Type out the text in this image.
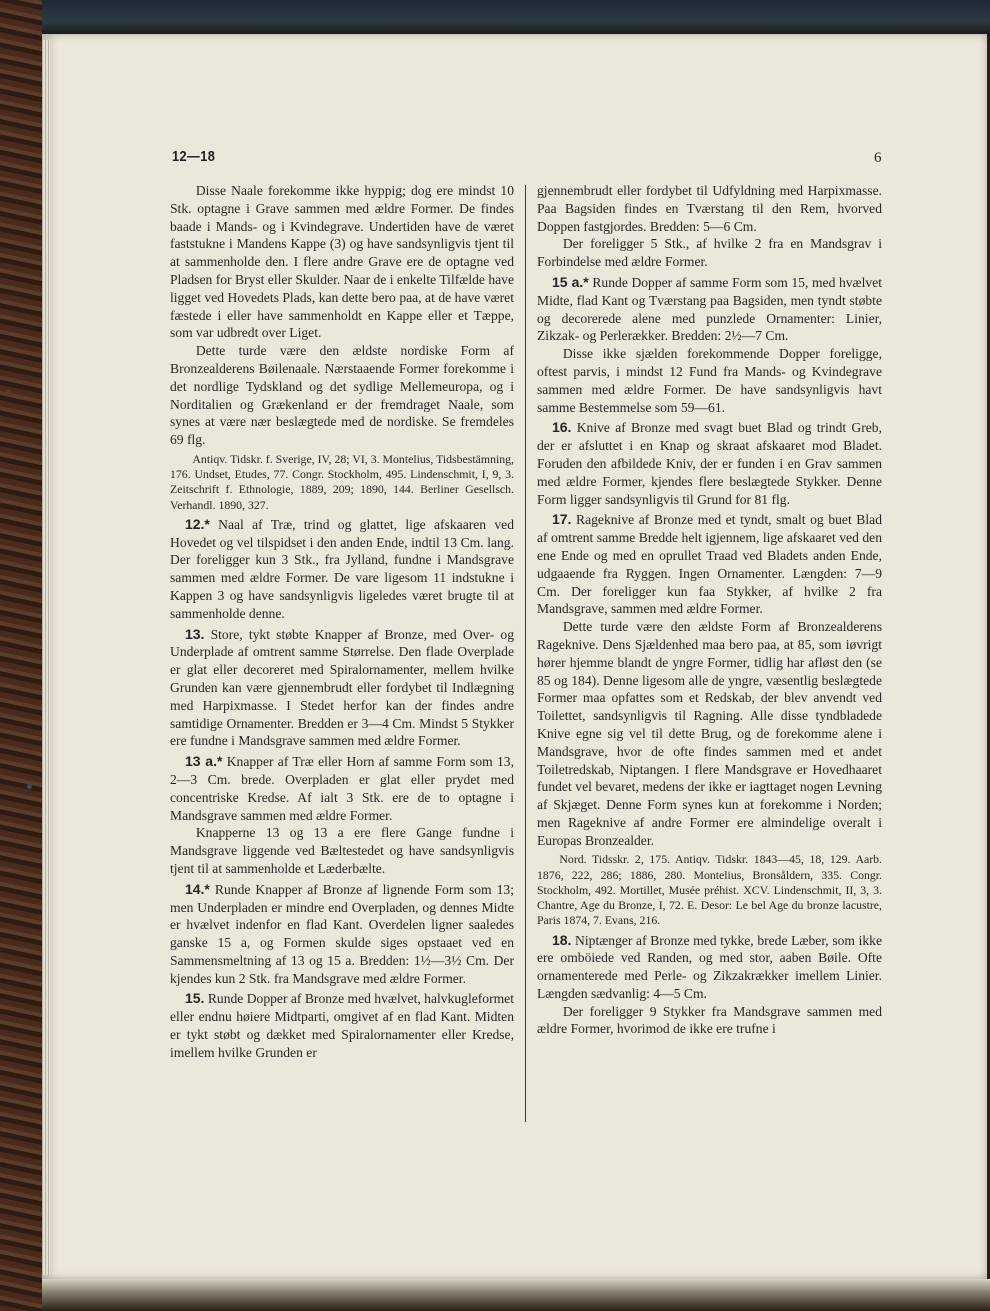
12—18	6

Disse Naale forekomme ikke hyppig; dog ere mindst 10 Stk. optagne i Grave sammen med ældre Former. De findes baade i Mands- og i Kvindegrave. Undertiden have de været faststukne i Mandens Kappe (3) og have sandsynligvis tjent til at sammenholde den. I flere andre Grave ere de optagne ved Pladsen for Bryst eller Skulder. Naar de i enkelte Tilfælde have ligget ved Hovedets Plads, kan dette bero paa, at de have været fæstede i eller have sammenholdt en Kappe eller et Tæppe, som var udbredt over Liget.

Dette turde være den ældste nordiske Form af Bronzealderens Bøilenaale. Nærstaaende Former forekomme i det nordlige Tydskland og det sydlige Mellemeuropa, og i Norditalien og Grækenland er der fremdraget Naale, som synes at være nær beslægtede med de nordiske. Se fremdeles 69 flg.

Antiqv. Tidskr. f. Sverige, IV, 28; VI, 3. Montelius, Tidsbestämning, 176. Undset, Etudes, 77. Congr. Stockholm, 495. Lindenschmit, I, 9, 3. Zeitschrift f. Ethnologie, 1889, 209; 1890, 144. Berliner Gesellsch. Verhandl. 1890, 327.

12.* Naal af Træ, trind og glattet, lige afskaaren ved Hovedet og vel tilspidset i den anden Ende, indtil 13 Cm. lang. Der foreligger kun 3 Stk., fra Jylland, fundne i Mandsgrave sammen med ældre Former. De vare ligesom 11 indstukne i Kappen 3 og have sandsynligvis ligeledes været brugte til at sammenholde denne.

13. Store, tykt støbte Knapper af Bronze, med Over- og Underplade af omtrent samme Størrelse. Den flade Overplade er glat eller decoreret med Spiralornamenter, mellem hvilke Grunden kan være gjennembrudt eller fordybet til Indlægning med Harpixmasse. I Stedet herfor kan der findes andre samtidige Ornamenter. Bredden er 3—4 Cm. Mindst 5 Stykker ere fundne i Mandsgrave sammen med ældre Former.

13 a.* Knapper af Træ eller Horn af samme Form som 13, 2—3 Cm. brede. Overpladen er glat eller prydet med concentriske Kredse. Af ialt 3 Stk. ere de to optagne i Mandsgrave sammen med ældre Former.

Knapperne 13 og 13 a ere flere Gange fundne i Mandsgrave liggende ved Bæltestedet og have sandsynligvis tjent til at sammenholde et Læderbælte.

14.* Runde Knapper af Bronze af lignende Form som 13; men Underpladen er mindre end Overpladen, og dennes Midte er hvælvet indenfor en flad Kant. Overdelen ligner saaledes ganske 15 a, og Formen skulde siges opstaaet ved en Sammensmeltning af 13 og 15 a. Bredden: 1½—3½ Cm. Der kjendes kun 2 Stk. fra Mandsgrave med ældre Former.

15. Runde Dopper af Bronze med hvælvet, halvkugleformet eller endnu høiere Midtparti, omgivet af en flad Kant. Midten er tykt støbt og dækket med Spiralornamenter eller Kredse, imellem hvilke Grunden er

gjennembrudt eller fordybet til Udfyldning med Harpixmasse. Paa Bagsiden findes en Tværstang til den Rem, hvorved Doppen fastgjordes. Bredden: 5—6 Cm.

Der foreligger 5 Stk., af hvilke 2 fra en Mandsgrav i Forbindelse med ældre Former.

15 a.* Runde Dopper af samme Form som 15, med hvælvet Midte, flad Kant og Tværstang paa Bagsiden, men tyndt støbte og decorerede alene med punzlede Ornamenter: Linier, Zikzak- og Perlerækker. Bredden: 2½—7 Cm.

Disse ikke sjælden forekommende Dopper foreligge, oftest parvis, i mindst 12 Fund fra Mands- og Kvindegrave sammen med ældre Former. De have sandsynligvis havt samme Bestemmelse som 59—61.

16. Knive af Bronze med svagt buet Blad og trindt Greb, der er afsluttet i en Knap og skraat afskaaret mod Bladet. Foruden den afbildede Kniv, der er funden i en Grav sammen med ældre Former, kjendes flere beslægtede Stykker. Denne Form ligger sandsynligvis til Grund for 81 flg.

17. Rageknive af Bronze med et tyndt, smalt og buet Blad af omtrent samme Bredde helt igjennem, lige afskaaret ved den ene Ende og med en oprullet Traad ved Bladets anden Ende, udgaaende fra Ryggen. Ingen Ornamenter. Længden: 7—9 Cm. Der foreligger kun faa Stykker, af hvilke 2 fra Mandsgrave, sammen med ældre Former.

Dette turde være den ældste Form af Bronzealderens Rageknive. Dens Sjældenhed maa bero paa, at 85, som iøvrigt hører hjemme blandt de yngre Former, tidlig har afløst den (se 85 og 184). Denne ligesom alle de yngre, væsentlig beslægtede Former maa opfattes som et Redskab, der blev anvendt ved Toilettet, sandsynligvis til Ragning. Alle disse tyndbladede Knive egne sig vel til dette Brug, og de forekomme alene i Mandsgrave, hvor de ofte findes sammen med et andet Toiletredskab, Niptangen. I flere Mandsgrave er Hovedhaaret fundet vel bevaret, medens der ikke er iagttaget nogen Levning af Skjæget. Denne Form synes kun at forekomme i Norden; men Rageknive af andre Former ere almindelige overalt i Europas Bronzealder.

Nord. Tidsskr. 2, 175. Antiqv. Tidskr. 1843—45, 18, 129. Aarb. 1876, 222, 286; 1886, 280. Montelius, Bronsåldern, 335. Congr. Stockholm, 492. Mortillet, Musée préhist. XCV. Lindenschmit, II, 3, 3. Chantre, Age du Bronze, I, 72. E. Desor: Le bel Age du bronze lacustre, Paris 1874, 7. Evans, 216.

18. Niptænger af Bronze med tykke, brede Læber, som ikke ere omböiede ved Randen, og med stor, aaben Bøile. Ofte ornamenterede med Perle- og Zikzakrækker imellem Linier. Længden sædvanlig: 4—5 Cm.

Der foreligger 9 Stykker fra Mandsgrave sammen med ældre Former, hvorimod de ikke ere trufne i
